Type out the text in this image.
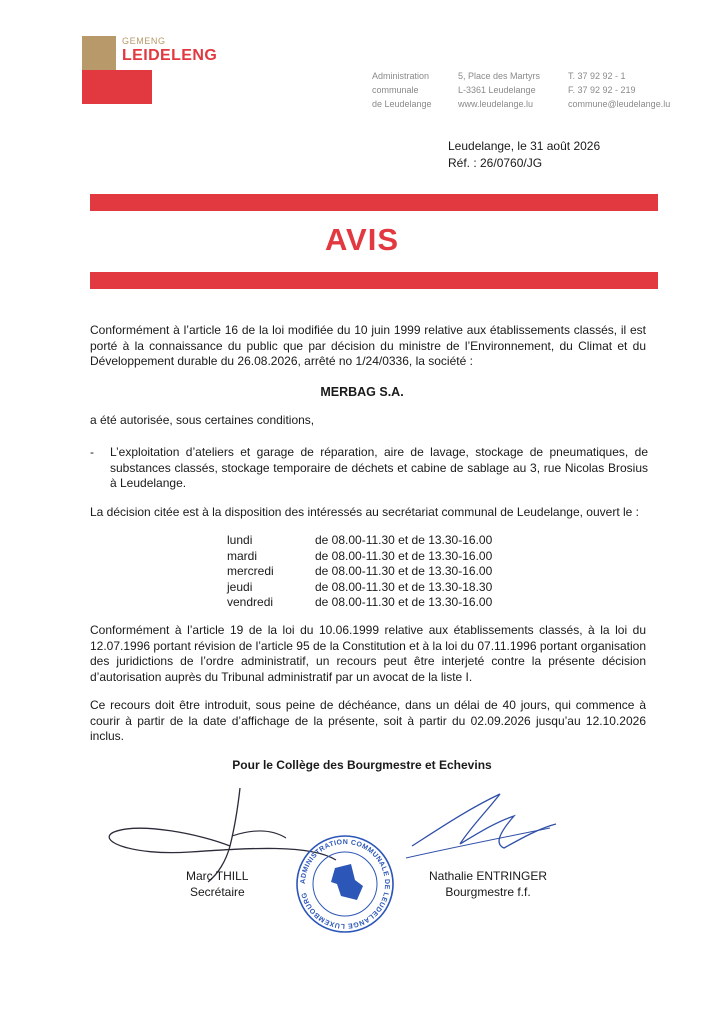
GEMENG
LEIDELENG
Administration
communale
de Leudelange
5, Place des Martyrs
L-3361 Leudelange
www.leudelange.lu
T. 37 92 92 - 1
F. 37 92 92 - 219
commune@leudelange.lu
Leudelange, le 31 août 2026
Réf. : 26/0760/JG
AVIS
Conformément à l’article 16 de la loi modifiée du 10 juin 1999 relative aux établissements classés, il est porté à la connaissance du public que par décision du ministre de l’Environnement, du Climat et du Développement durable du 26.08.2026, arrêté no 1/24/0336, la société :
MERBAG S.A.
a été autorisée, sous certaines conditions,
- L’exploitation d’ateliers et garage de réparation, aire de lavage, stockage de pneumatiques, de substances classés, stockage temporaire de déchets et cabine de sablage au 3, rue Nicolas Brosius à Leudelange.
La décision citée est à la disposition des intéressés au secrétariat communal de Leudelange, ouvert le :
lundi	de 08.00-11.30 et de 13.30-16.00
mardi	de 08.00-11.30 et de 13.30-16.00
mercredi	de 08.00-11.30 et de 13.30-16.00
jeudi	de 08.00-11.30 et de 13.30-18.30
vendredi	de 08.00-11.30 et de 13.30-16.00
Conformément à l’article 19 de la loi du 10.06.1999 relative aux établissements classés, à la loi du 12.07.1996 portant révision de l’article 95 de la Constitution et à la loi du 07.11.1996 portant organisation des juridictions de l’ordre administratif, un recours peut être interjeté contre la présente décision d’autorisation auprès du Tribunal administratif par un avocat de la liste I.
Ce recours doit être introduit, sous peine de déchéance, dans un délai de 40 jours, qui commence à courir à partir de la date d’affichage de la présente, soit à partir du 02.09.2026 jusqu’au 12.10.2026 inclus.
Pour le Collège des Bourgmestre et Echevins
Marc THILL
Secrétaire
Nathalie ENTRINGER
Bourgmestre f.f.
ADMINISTRATION COMMUNALE DE LEUDELANGE LUXEMBOURG
